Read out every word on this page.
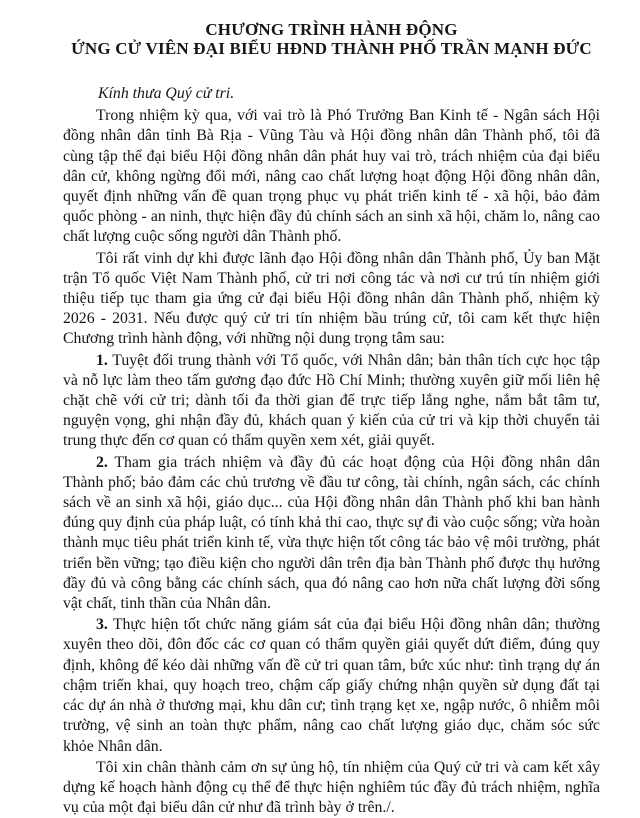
CHƯƠNG TRÌNH HÀNH ĐỘNG
ỨNG CỬ VIÊN ĐẠI BIỂU HĐND THÀNH PHỐ TRẦN MẠNH ĐỨC

Kính thưa Quý cử tri.

Trong nhiệm kỳ qua, với vai trò là Phó Trưởng Ban Kinh tế - Ngân sách Hội đồng nhân dân tỉnh Bà Rịa - Vũng Tàu và Hội đồng nhân dân Thành phố, tôi đã cùng tập thể đại biểu Hội đồng nhân dân phát huy vai trò, trách nhiệm của đại biểu dân cử, không ngừng đổi mới, nâng cao chất lượng hoạt động Hội đồng nhân dân, quyết định những vấn đề quan trọng phục vụ phát triển kinh tế - xã hội, bảo đảm quốc phòng - an ninh, thực hiện đầy đủ chính sách an sinh xã hội, chăm lo, nâng cao chất lượng cuộc sống người dân Thành phố.

Tôi rất vinh dự khi được lãnh đạo Hội đồng nhân dân Thành phố, Ủy ban Mặt trận Tổ quốc Việt Nam Thành phố, cử tri nơi công tác và nơi cư trú tín nhiệm giới thiệu tiếp tục tham gia ứng cử đại biểu Hội đồng nhân dân Thành phố, nhiệm kỳ 2026 - 2031. Nếu được quý cử tri tín nhiệm bầu trúng cử, tôi cam kết thực hiện Chương trình hành động, với những nội dung trọng tâm sau:

1. Tuyệt đối trung thành với Tổ quốc, với Nhân dân; bản thân tích cực học tập và nỗ lực làm theo tấm gương đạo đức Hồ Chí Minh; thường xuyên giữ mối liên hệ chặt chẽ với cử tri; dành tối đa thời gian để trực tiếp lắng nghe, nắm bắt tâm tư, nguyện vọng, ghi nhận đầy đủ, khách quan ý kiến của cử tri và kịp thời chuyển tải trung thực đến cơ quan có thẩm quyền xem xét, giải quyết.

2. Tham gia trách nhiệm và đầy đủ các hoạt động của Hội đồng nhân dân Thành phố; bảo đảm các chủ trương về đầu tư công, tài chính, ngân sách, các chính sách về an sinh xã hội, giáo dục... của Hội đồng nhân dân Thành phố khi ban hành đúng quy định của pháp luật, có tính khả thi cao, thực sự đi vào cuộc sống; vừa hoàn thành mục tiêu phát triển kinh tế, vừa thực hiện tốt công tác bảo vệ môi trường, phát triển bền vững; tạo điều kiện cho người dân trên địa bàn Thành phố được thụ hưởng đầy đủ và công bằng các chính sách, qua đó nâng cao hơn nữa chất lượng đời sống vật chất, tinh thần của Nhân dân.

3. Thực hiện tốt chức năng giám sát của đại biểu Hội đồng nhân dân; thường xuyên theo dõi, đôn đốc các cơ quan có thẩm quyền giải quyết dứt điểm, đúng quy định, không để kéo dài những vấn đề cử tri quan tâm, bức xúc như: tình trạng dự án chậm triển khai, quy hoạch treo, chậm cấp giấy chứng nhận quyền sử dụng đất tại các dự án nhà ở thương mại, khu dân cư; tình trạng kẹt xe, ngập nước, ô nhiễm môi trường, vệ sinh an toàn thực phẩm, nâng cao chất lượng giáo dục, chăm sóc sức khỏe Nhân dân.

Tôi xin chân thành cảm ơn sự ủng hộ, tín nhiệm của Quý cử tri và cam kết xây dựng kế hoạch hành động cụ thể để thực hiện nghiêm túc đầy đủ trách nhiệm, nghĩa vụ của một đại biểu dân cử như đã trình bày ở trên./.
